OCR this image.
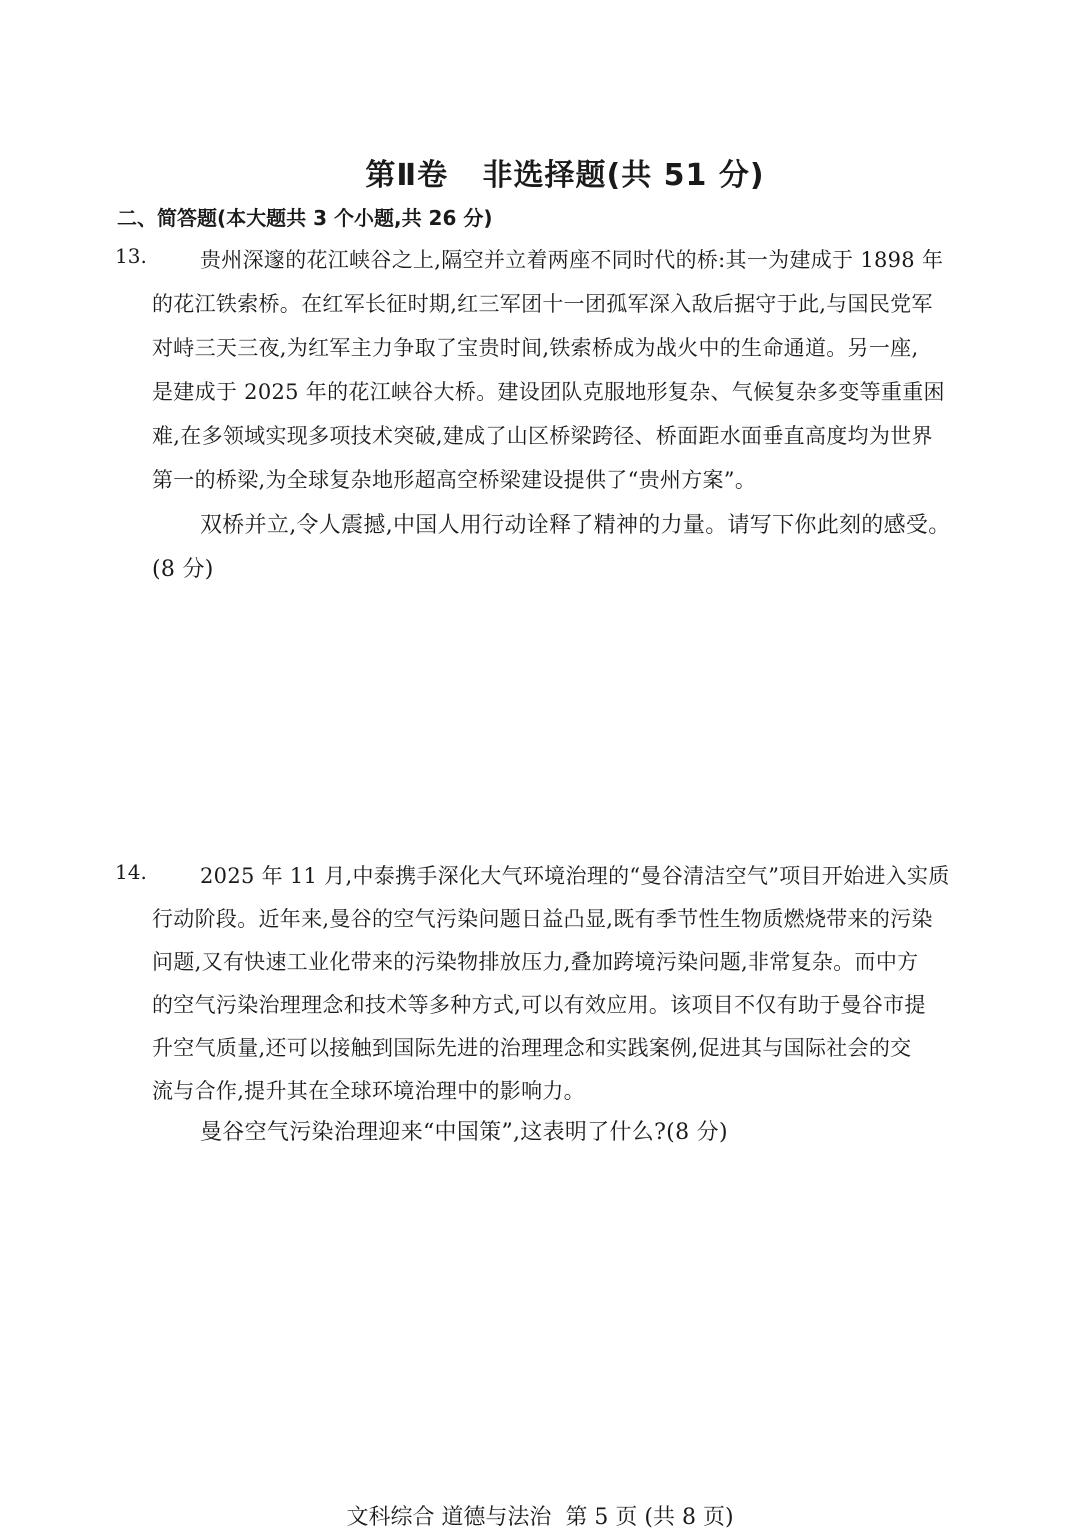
第Ⅱ卷   非选择题(共 51 分)
二、简答题(本大题共 3 个小题,共 26 分)
13.	贵州深邃的花江峡谷之上,隔空并立着两座不同时代的桥:其一为建成于 1898 年
的花江铁索桥。在红军长征时期,红三军团十一团孤军深入敌后据守于此,与国民党军
对峙三天三夜,为红军主力争取了宝贵时间,铁索桥成为战火中的生命通道。另一座,
是建成于 2025 年的花江峡谷大桥。建设团队克服地形复杂、气候复杂多变等重重困
难,在多领域实现多项技术突破,建成了山区桥梁跨径、桥面距水面垂直高度均为世界
第一的桥梁,为全球复杂地形超高空桥梁建设提供了“贵州方案”。
双桥并立,令人震撼,中国人用行动诠释了精神的力量。请写下你此刻的感受。
(8 分)
14.	2025 年 11 月,中泰携手深化大气环境治理的“曼谷清洁空气”项目开始进入实质
行动阶段。近年来,曼谷的空气污染问题日益凸显,既有季节性生物质燃烧带来的污染
问题,又有快速工业化带来的污染物排放压力,叠加跨境污染问题,非常复杂。而中方
的空气污染治理理念和技术等多种方式,可以有效应用。该项目不仅有助于曼谷市提
升空气质量,还可以接触到国际先进的治理理念和实践案例,促进其与国际社会的交
流与合作,提升其在全球环境治理中的影响力。
曼谷空气污染治理迎来“中国策”,这表明了什么?(8 分)
文科综合 道德与法治  第 5 页 (共 8 页)
